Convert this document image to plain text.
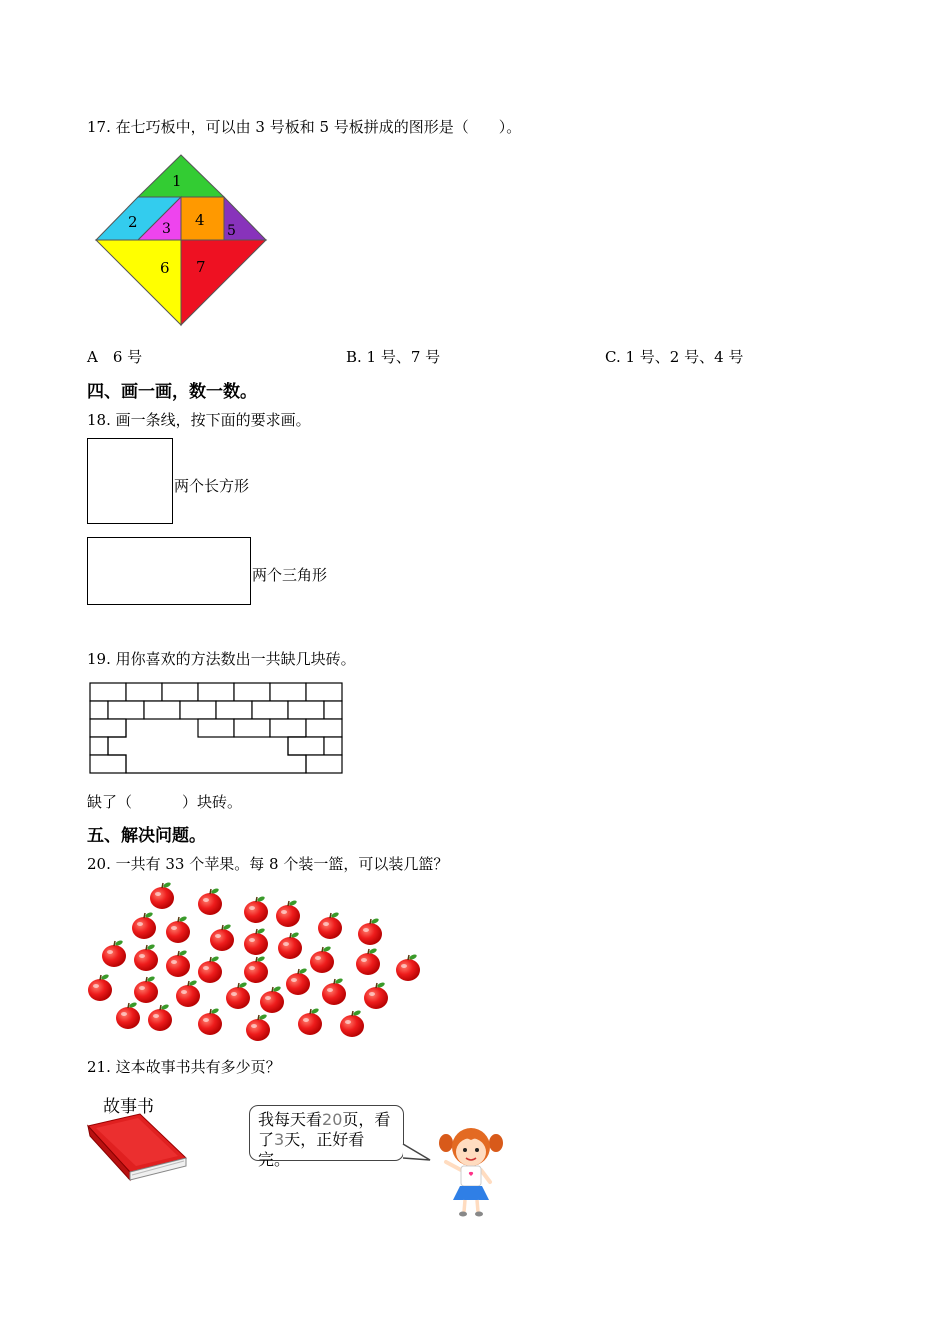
17. 在七巧板中，可以由 3 号板和 5 号板拼成的图形是（　　）。
1
2 3 4
5
6 7
A　6 号	B. 1 号、7 号	C. 1 号、2 号、4 号
四、画一画，数一数。
18. 画一条线，按下面的要求画。
两个长方形
两个三角形
19. 用你喜欢的方法数出一共缺几块砖。
缺了（	）块砖。
五、解决问题。
20. 一共有 33 个苹果。每 8 个装一篮，可以装几篮？
21. 这本故事书共有多少页？
故事书
我每天看20页，看
了3天，正好看完。
